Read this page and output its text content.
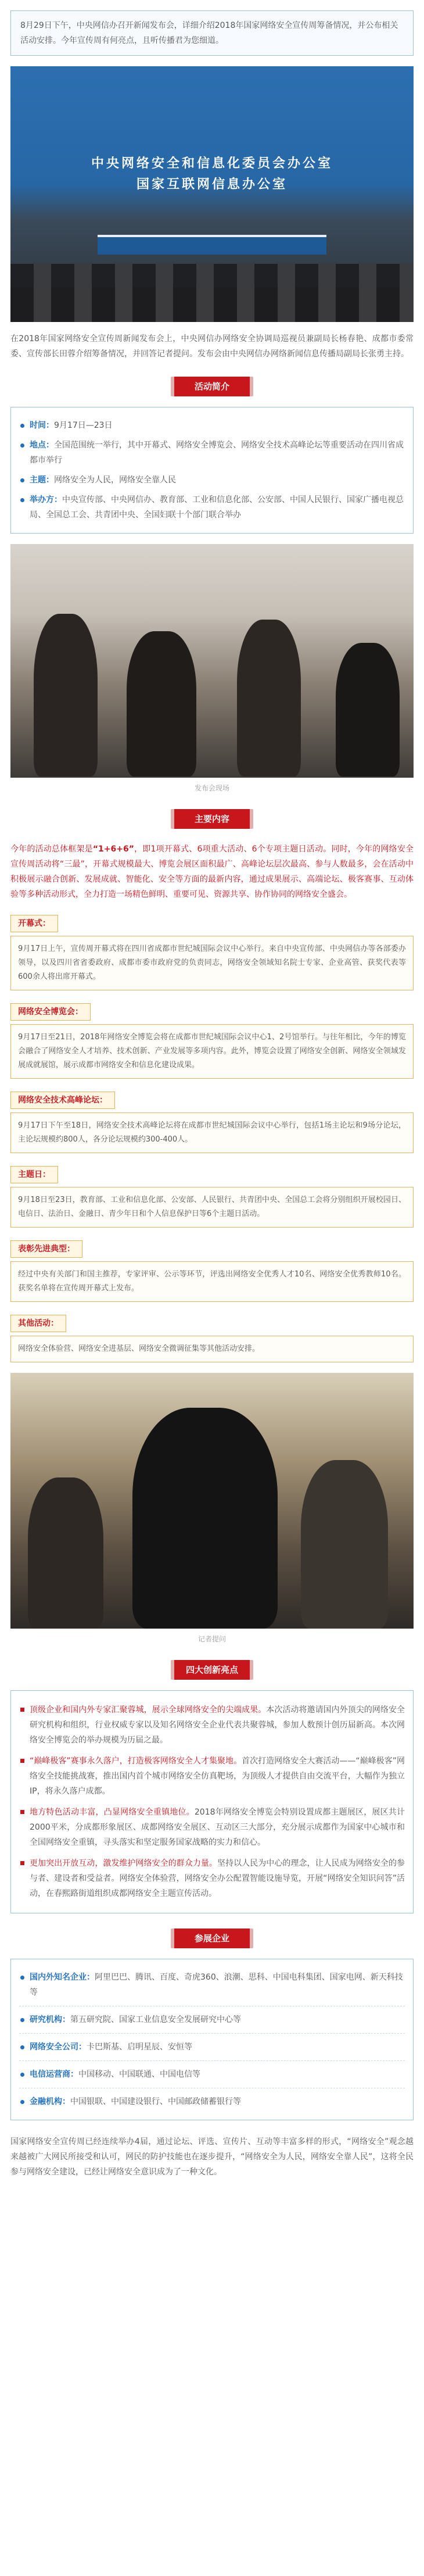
8月29日下午，中央网信办召开新闻发布会，详细介绍2018年国家网络安全宣传周筹备情况，并公布相关活动安排。今年宣传周有何亮点，且听传播君为您细道。
中央网络安全和信息化委员会办公室
国家互联网信息办公室
在2018年国家网络安全宣传周新闻发布会上，中央网信办网络安全协调局巡视员兼副局长杨春艳、成都市委常委、宣传部长田蓉介绍筹备情况，并回答记者提问。发布会由中央网信办网络新闻信息传播局副局长张勇主持。
活动简介
时间：9月17日—23日
地点：全国范围统一举行，其中开幕式、网络安全博览会、网络安全技术高峰论坛等重要活动在四川省成都市举行
主题：网络安全为人民，网络安全靠人民
举办方：中央宣传部、中央网信办、教育部、工业和信息化部、公安部、中国人民银行、国家广播电视总局、全国总工会、共青团中央、全国妇联十个部门联合举办
发布会现场
主要内容
今年的活动总体框架是“1+6+6”，即1项开幕式、6项重大活动、6个专项主题日活动。同时，今年的网络安全宣传周活动将“三最”，开幕式规模最大、博览会展区面积最广、高峰论坛层次最高、参与人数最多，会在活动中积极展示融合创新、发展成就、智能化、安全等方面的最新内容，通过成果展示、高端论坛、极客赛事、互动体验等多种活动形式，全力打造一场精色鲜明、重要可见、资源共享、协作协同的网络安全盛会。
开幕式：
9月17日上午，宣传周开幕式将在四川省成都市世纪城国际会议中心举行。来自中央宣传部、中央网信办等各部委办领导，以及四川省省委政府、成都市委市政府党的负责同志，网络安全领域知名院士专家、企业高管、获奖代表等600余人将出席开幕式。
网络安全博览会：
9月17日至21日，2018年网络安全博览会将在成都市世纪城国际会议中心1、2号馆举行。与往年相比，今年的博览会融合了网络安全人才培养、技术创新、产业发展等多项内容。此外，博览会设置了网络安全创新、网络安全领域发展成就展馆，展示成都市网络安全和信息化建设成果。
网络安全技术高峰论坛：
9月17日下午至18日，网络安全技术高峰论坛将在成都市世纪城国际会议中心举行，包括1场主论坛和9场分论坛，主论坛规模约800人，各分论坛规模约300-400人。
主题日：
9月18日至23日，教育部、工业和信息化部、公安部、人民银行、共青团中央、全国总工会将分别组织开展校园日、电信日、法治日、金融日、青少年日和个人信息保护日等6个主题日活动。
表彰先进典型：
经过中央有关部门和国主推荐，专家评审、公示等环节，评选出网络安全优秀人才10名、网络安全优秀教师10名。获奖名单将在宣传周开幕式上发布。
其他活动：
网络安全体验营、网络安全进基层、网络安全微调征集等其他活动安排。
记者提问
四大创新亮点
顶级企业和国内外专家汇聚蓉城，展示全球网络安全的尖端成果。本次活动将邀请国内外顶尖的网络安全研究机构和组织，行业权威专家以及知名网络安全企业代表共聚蓉城，参加人数预计创历届新高。本次网络安全博览会的举办规模为历届之最。
“巅峰极客”赛事永久落户，打造极客网络安全人才集聚地。首次打造网络安全大赛活动——“巅峰极客”网络安全技能挑战赛，推出国内首个城市网络安全仿真靶场，为顶级人才提供自由交流平台，大幅作为独立IP，将永久落户成都。
地方特色活动丰富，凸显网络安全重镇地位。2018年网络安全博览会特别设置成都主题展区，展区共计2000平米，分成都形象展区、成都网络安全展区、互动区三大部分，充分展示成都作为国家中心城市和全国网络安全重镇，寻头落实和坚定服务国家战略的实力和信心。
更加突出开放互动，激发维护网络安全的群众力量。坚持以人民为中心的理念，让人民成为网络安全的参与者、建设者和受益者。网络安全体验营，网络安全办公配置智能设施导览，开展“网络安全知识问答”活动，在春熙路街道组织成都网络安全主题宣传活动。
参展企业
国内外知名企业：阿里巴巴、腾讯、百度、奇虎360、浪潮、思科、中国电科集团、国家电网、新天科技等
研究机构：第五研究院、国家工业信息安全发展研究中心等
网络安全公司：卡巴斯基、启明星辰、安恒等
电信运营商：中国移动、中国联通、中国电信等
金融机构：中国银联、中国建设银行、中国邮政储蓄银行等
国家网络安全宣传周已经连续举办4届，通过论坛、评选、宣传片、互动等丰富多样的形式，“网络安全”观念越来越被广大网民所接受和认可，网民的防护技能也在逐步提升，“网络安全为人民，网络安全靠人民”，这将全民参与网络安全建设，已经让网络安全意识成为了一种文化。
